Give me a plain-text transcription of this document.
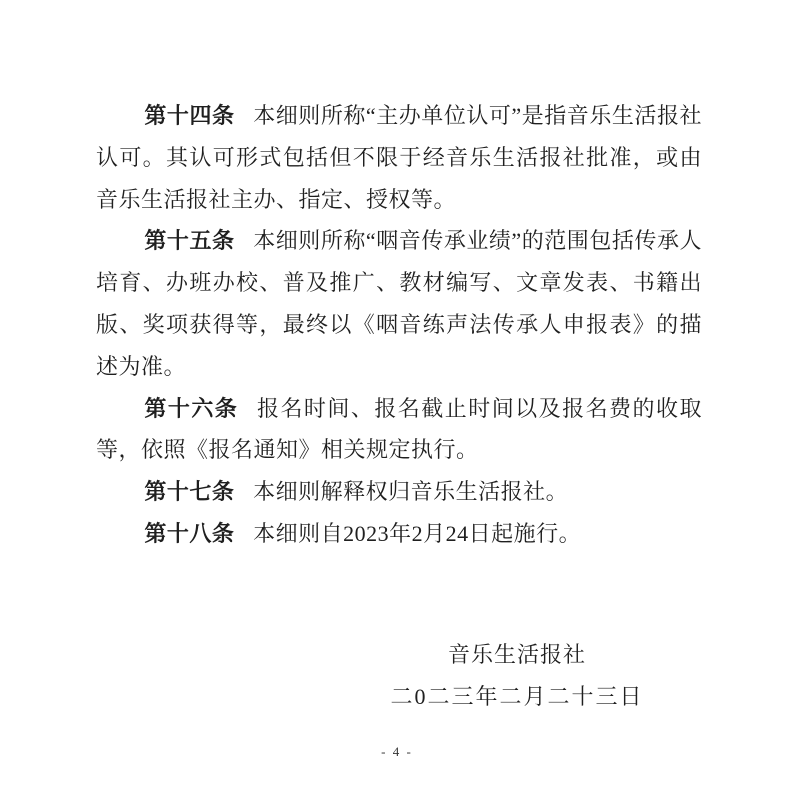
第十四条 本细则所称“主办单位认可”是指音乐生活报社认可。其认可形式包括但不限于经音乐生活报社批准，或由音乐生活报社主办、指定、授权等。

第十五条 本细则所称“咽音传承业绩”的范围包括传承人培育、办班办校、普及推广、教材编写、文章发表、书籍出版、奖项获得等，最终以《咽音练声法传承人申报表》的描述为准。

第十六条 报名时间、报名截止时间以及报名费的收取等，依照《报名通知》相关规定执行。

第十七条 本细则解释权归音乐生活报社。

第十八条 本细则自2023年2月24日起施行。

音乐生活报社
二0二三年二月二十三日
- 4 -
